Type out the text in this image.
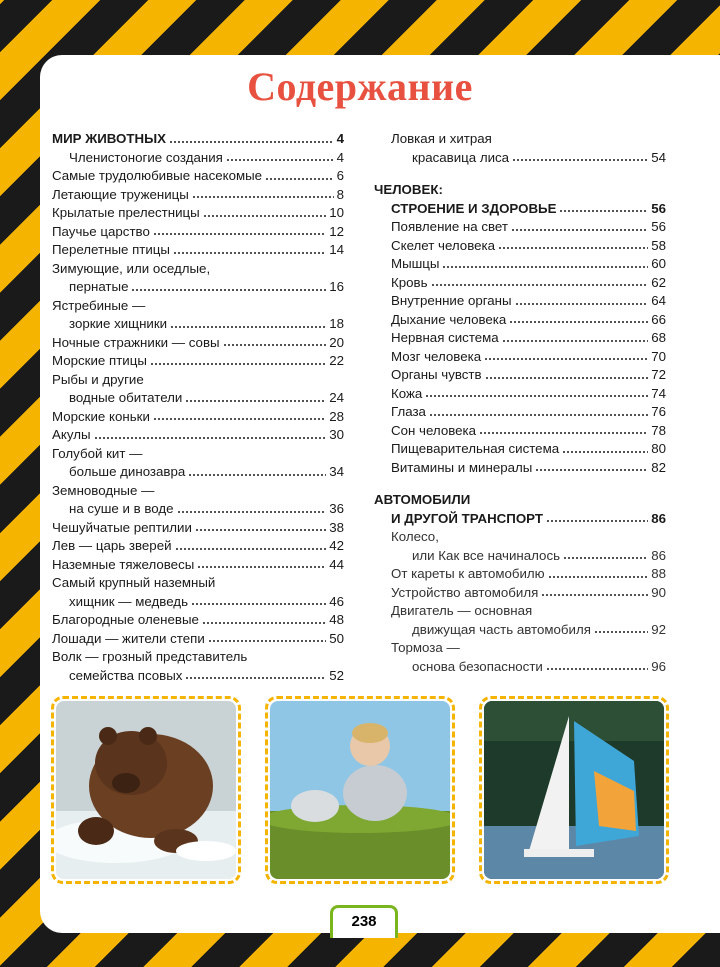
Содержание
МИР ЖИВОТНЫХ	4
Членистоногие создания	4
Самые трудолюбивые насекомые	6
Летающие труженицы	8
Крылатые прелестницы	10
Паучье царство	12
Перелетные птицы	14
Зимующие, или оседлые,
пернатые	16
Ястребиные —
зоркие хищники	18
Ночные стражники — совы	20
Морские птицы	22
Рыбы и другие
водные обитатели	24
Морские коньки	28
Акулы	30
Голубой кит —
больше динозавра	34
Земноводные —
на суше и в воде	36
Чешуйчатые рептилии	38
Лев — царь зверей	42
Наземные тяжеловесы	44
Самый крупный наземный
хищник — медведь	46
Благородные оленевые	48
Лошади — жители степи	50
Волк — грозный представитель
семейства псовых	52
Ловкая и хитрая
красавица лиса	54
ЧЕЛОВЕК:
СТРОЕНИЕ И ЗДОРОВЬЕ	56
Появление на свет	56
Скелет человека	58
Мышцы	60
Кровь	62
Внутренние органы	64
Дыхание человека	66
Нервная система	68
Мозг человека	70
Органы чувств	72
Кожа	74
Глаза	76
Сон человека	78
Пищеварительная система	80
Витамины и минералы	82
АВТОМОБИЛИ
И ДРУГОЙ ТРАНСПОРТ	86
Колесо,
или Как все начиналось	86
От кареты к автомобилю	88
Устройство автомобиля	90
Двигатель — основная
движущая часть автомобиля	92
Тормоза —
основа безопасности	96
238
